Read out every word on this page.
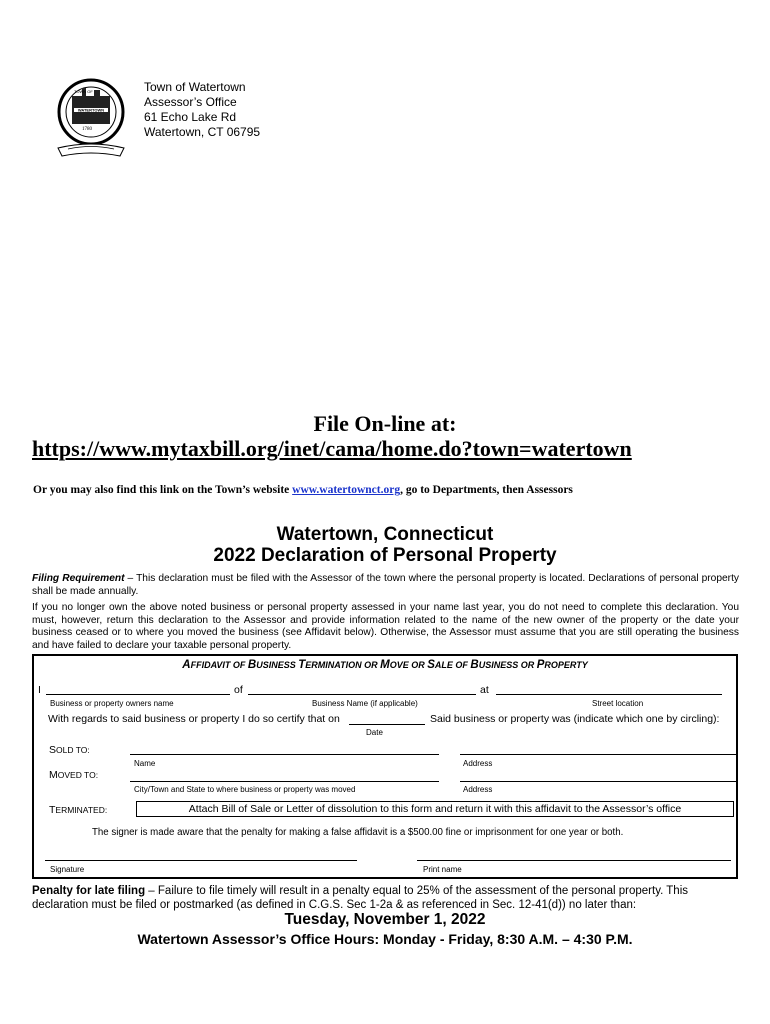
WATERTOWN
1780
TOWN OF	Town of Watertown
Assessor’s Office
61 Echo Lake Rd
Watertown, CT 06795
File On-line at:
https://www.mytaxbill.org/inet/cama/home.do?town=watertown
Or you may also find this link on the Town’s website www.watertownct.org, go to Departments, then Assessors
Watertown, Connecticut
2022 Declaration of Personal Property
Filing Requirement – This declaration must be filed with the Assessor of the town where the personal property is located. Declarations of personal property shall be made annually.
If you no longer own the above noted business or personal property assessed in your name last year, you do not need to complete this declaration. You must, however, return this declaration to the Assessor and provide information related to the name of the new owner of the property or the date your business ceased or to where you moved the business (see Affidavit below). Otherwise, the Assessor must assume that you are still operating the business and have failed to declare your taxable personal property.
AFFIDAVIT OF BUSINESS TERMINATION OR MOVE OR SALE OF BUSINESS OR PROPERTY
I	of	at
Business or property owners name	Business Name (if applicable)	Street location
With regards to said business or property I do so certify that on	Said business or property was (indicate which one by circling):
Date
SOLD TO:
Name	Address
MOVED TO:
City/Town and State to where business or property was moved	Address
TERMINATED:	Attach Bill of Sale or Letter of dissolution to this form and return it with this affidavit to the Assessor’s office
The signer is made aware that the penalty for making a false affidavit is a $500.00 fine or imprisonment for one year or both.
Signature	Print name
Penalty for late filing – Failure to file timely will result in a penalty equal to 25% of the assessment of the personal property. This declaration must be filed or postmarked (as defined in C.G.S. Sec 1-2a & as referenced in Sec. 12-41(d)) no later than:
Tuesday, November 1, 2022
Watertown Assessor’s Office Hours: Monday - Friday, 8:30 A.M. – 4:30 P.M.
